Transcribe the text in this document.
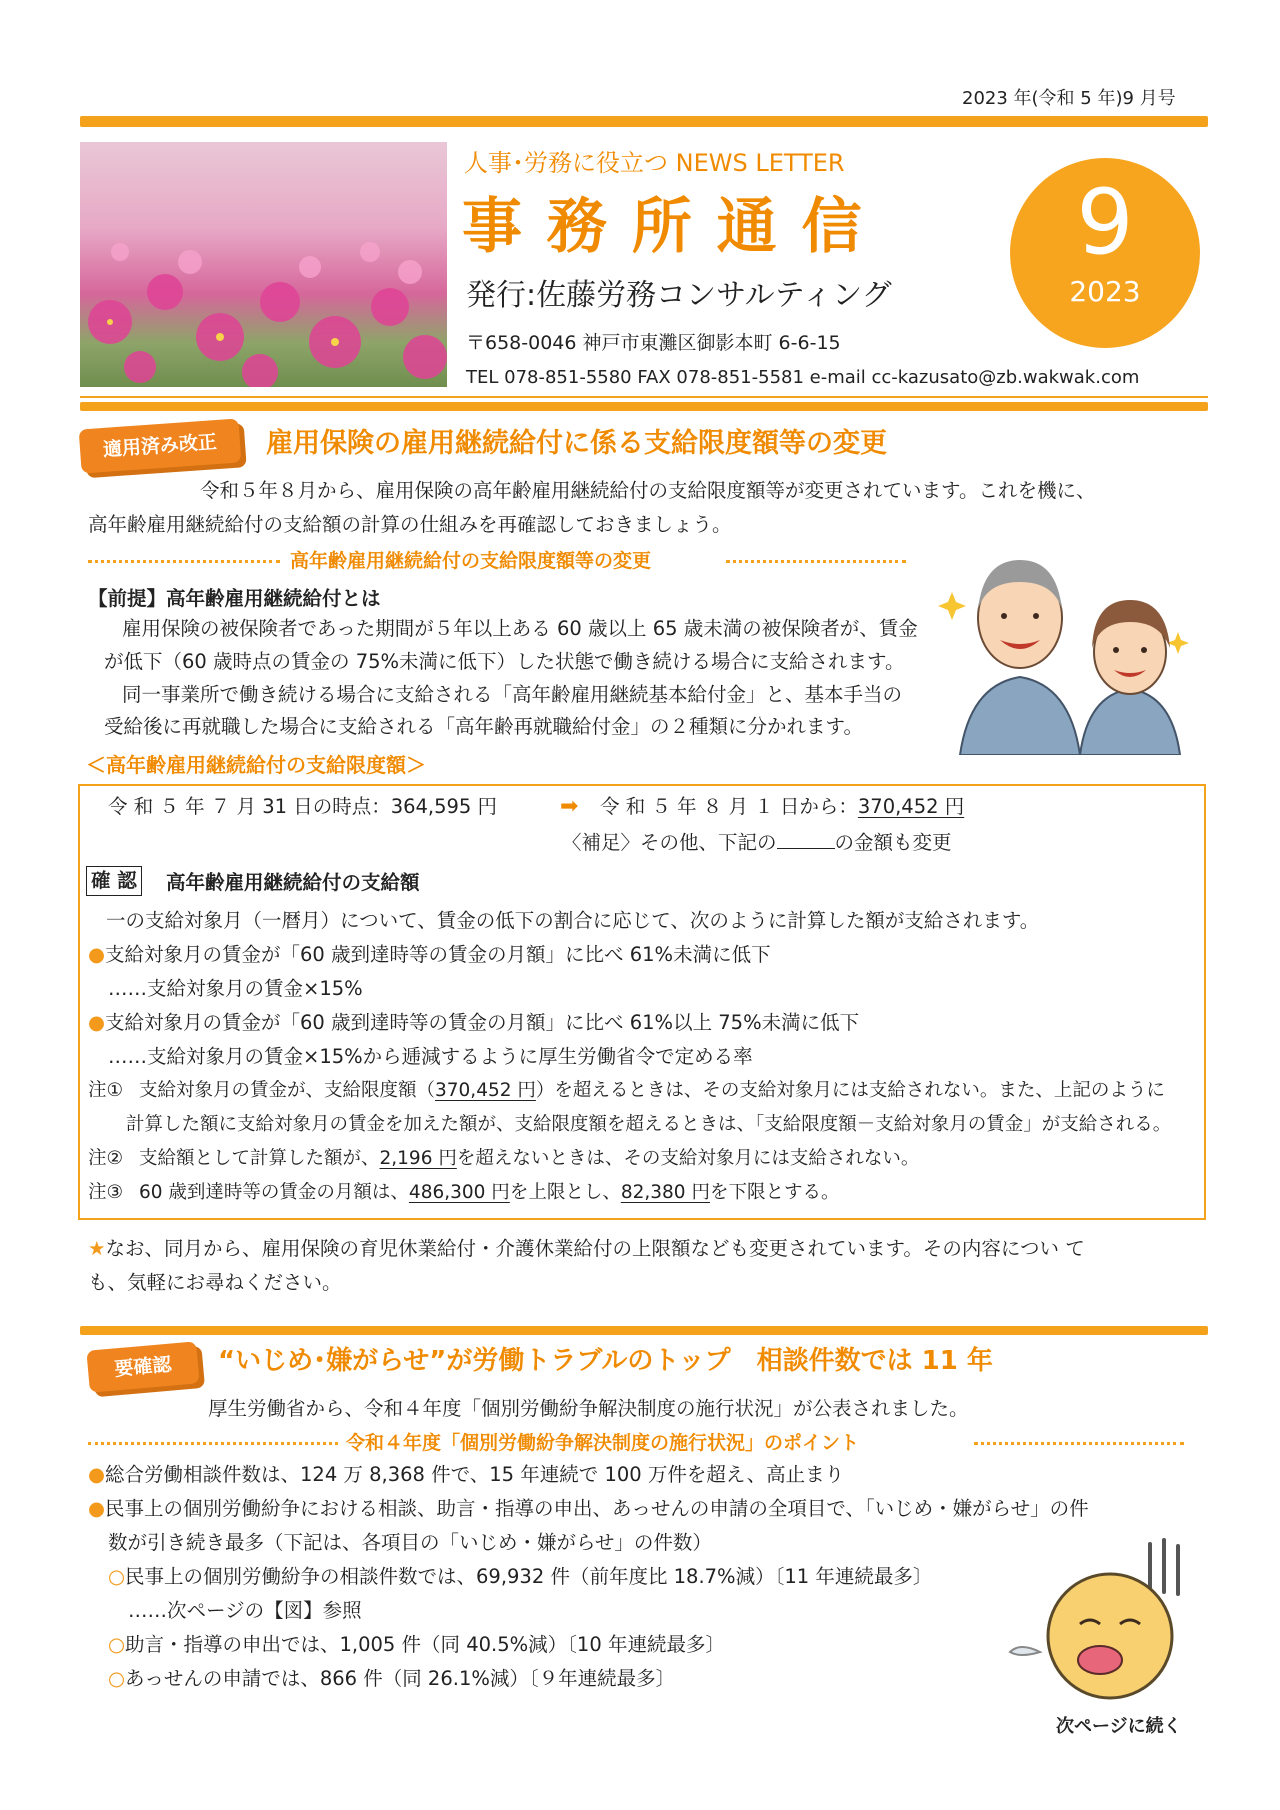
2023 年(令和 5 年)9 月号
人事･労務に役立つ NEWS LETTER
事 務 所 通 信
発行:佐藤労務コンサルティング
〒658-0046 神戸市東灘区御影本町 6-6-15
TEL 078-851-5580 FAX 078-851-5581 e-mail cc-kazusato@zb.wakwak.com
9
2023
適用済み改正	雇用保険の雇用継続給付に係る支給限度額等の変更
令和５年８月から、雇用保険の高年齢雇用継続給付の支給限度額等が変更されています。これを機に、
高年齢雇用継続給付の支給額の計算の仕組みを再確認しておきましょう。
高年齢雇用継続給付の支給限度額等の変更
【前提】高年齢雇用継続給付とは
雇用保険の被保険者であった期間が５年以上ある 60 歳以上 65 歳未満の被保険者が、賃金
が低下（60 歳時点の賃金の 75%未満に低下）した状態で働き続ける場合に支給されます。
同一事業所で働き続ける場合に支給される「高年齢雇用継続基本給付金」と、基本手当の
受給後に再就職した場合に支給される「高年齢再就職給付金」の２種類に分かれます。
＜高年齢雇用継続給付の支給限度額＞
令 和 ５ 年 ７ 月 31 日の時点：364,595 円	➡ 令 和 ５ 年 ８ 月 １ 日から：370,452 円
〈補足〉その他、下記の	の金額も変更
確 認 高年齢雇用継続給付の支給額
一の支給対象月（一暦月）について、賃金の低下の割合に応じて、次のように計算した額が支給されます。
●支給対象月の賃金が「60 歳到達時等の賃金の月額」に比べ 61%未満に低下
……支給対象月の賃金×15%
●支給対象月の賃金が「60 歳到達時等の賃金の月額」に比べ 61%以上 75%未満に低下
……支給対象月の賃金×15%から逓減するように厚生労働省令で定める率
注① 支給対象月の賃金が、支給限度額（370,452 円）を超えるときは、その支給対象月には支給されない。また、上記のように
計算した額に支給対象月の賃金を加えた額が、支給限度額を超えるときは、「支給限度額－支給対象月の賃金」が支給される。
注② 支給額として計算した額が、2,196 円を超えないときは、その支給対象月には支給されない。
注③ 60 歳到達時等の賃金の月額は、486,300 円を上限とし、82,380 円を下限とする。
★なお、同月から、雇用保険の育児休業給付・介護休業給付の上限額なども変更されています。その内容につい て
も、気軽にお尋ねください。
要確認	“いじめ･嫌がらせ”が労働トラブルのトップ　相談件数では 11 年
厚生労働省から、令和４年度「個別労働紛争解決制度の施行状況」が公表されました。
令和４年度「個別労働紛争解決制度の施行状況」のポイント
●総合労働相談件数は、124 万 8,368 件で、15 年連続で 100 万件を超え、高止まり
●民事上の個別労働紛争における相談、助言・指導の申出、あっせんの申請の全項目で、「いじめ・嫌がらせ」の件
数が引き続き最多（下記は、各項目の「いじめ・嫌がらせ」の件数）
○民事上の個別労働紛争の相談件数では、69,932 件（前年度比 18.7%減）〔11 年連続最多〕
……次ページの【図】参照
○助言・指導の申出では、1,005 件（同 40.5%減）〔10 年連続最多〕
○あっせんの申請では、866 件（同 26.1%減）〔９年連続最多〕
次ページに続く
